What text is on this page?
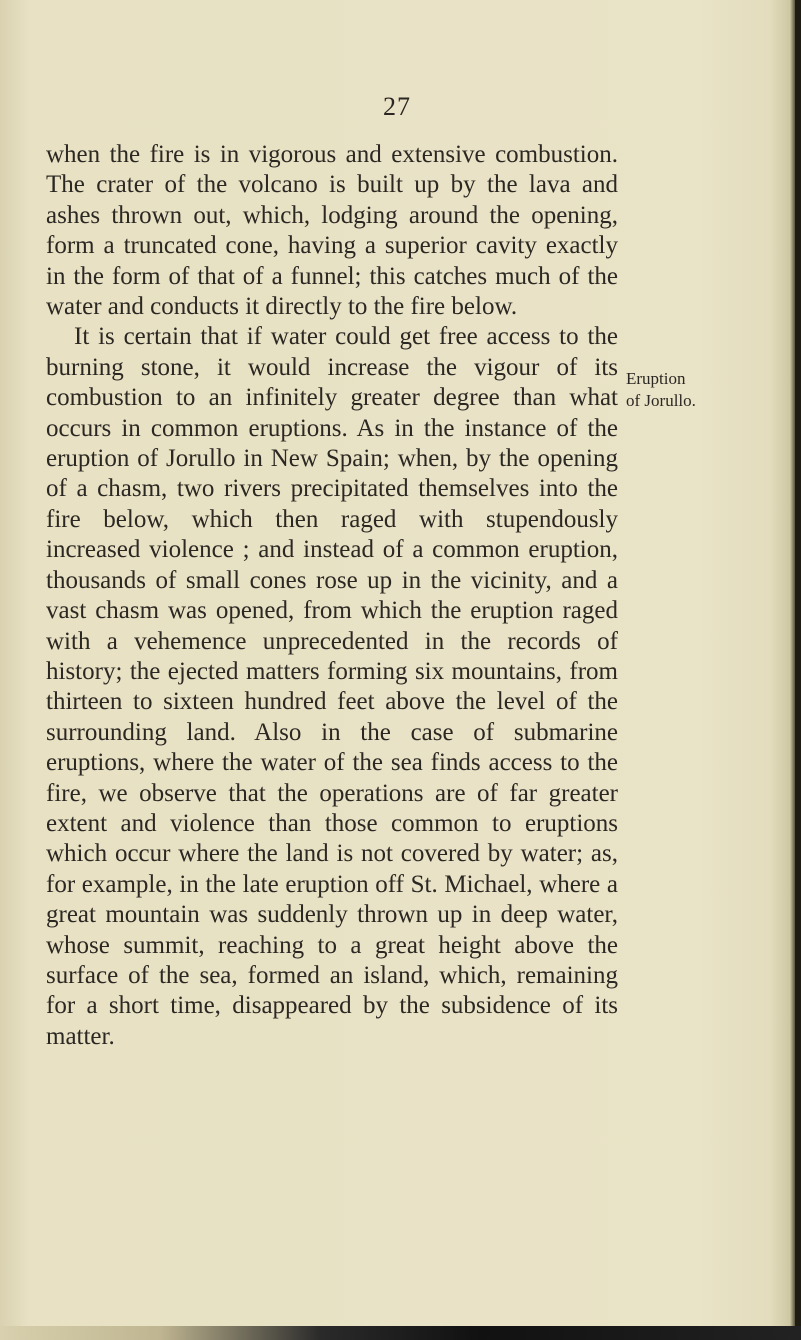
27

when the fire is in vigorous and extensive combustion. The crater of the volcano is built up by the lava and ashes thrown out, which, lodging around the opening, form a truncated cone, having a superior cavity exactly in the form of that of a funnel; this catches much of the water and conducts it directly to the fire below.

It is certain that if water could get free access to the burning stone, it would increase the vigour of its combustion to an infinitely greater degree than what occurs in common eruptions. As in the instance of the eruption of Jorullo in New Spain; when, by the opening of a chasm, two rivers precipitated themselves into the fire below, which then raged with stupendously increased violence ; and instead of a common eruption, thousands of small cones rose up in the vicinity, and a vast chasm was opened, from which the eruption raged with a vehemence unprecedented in the records of history; the ejected matters forming six mountains, from thirteen to sixteen hundred feet above the level of the surrounding land. Also in the case of submarine eruptions, where the water of the sea finds access to the fire, we observe that the operations are of far greater extent and violence than those common to eruptions which occur where the land is not covered by water; as, for example, in the late eruption off St. Michael, where a great mountain was suddenly thrown up in deep water, whose summit, reaching to a great height above the surface of the sea, formed an island, which, remaining for a short time, disappeared by the subsidence of its matter.

Eruption
of Jorullo.
